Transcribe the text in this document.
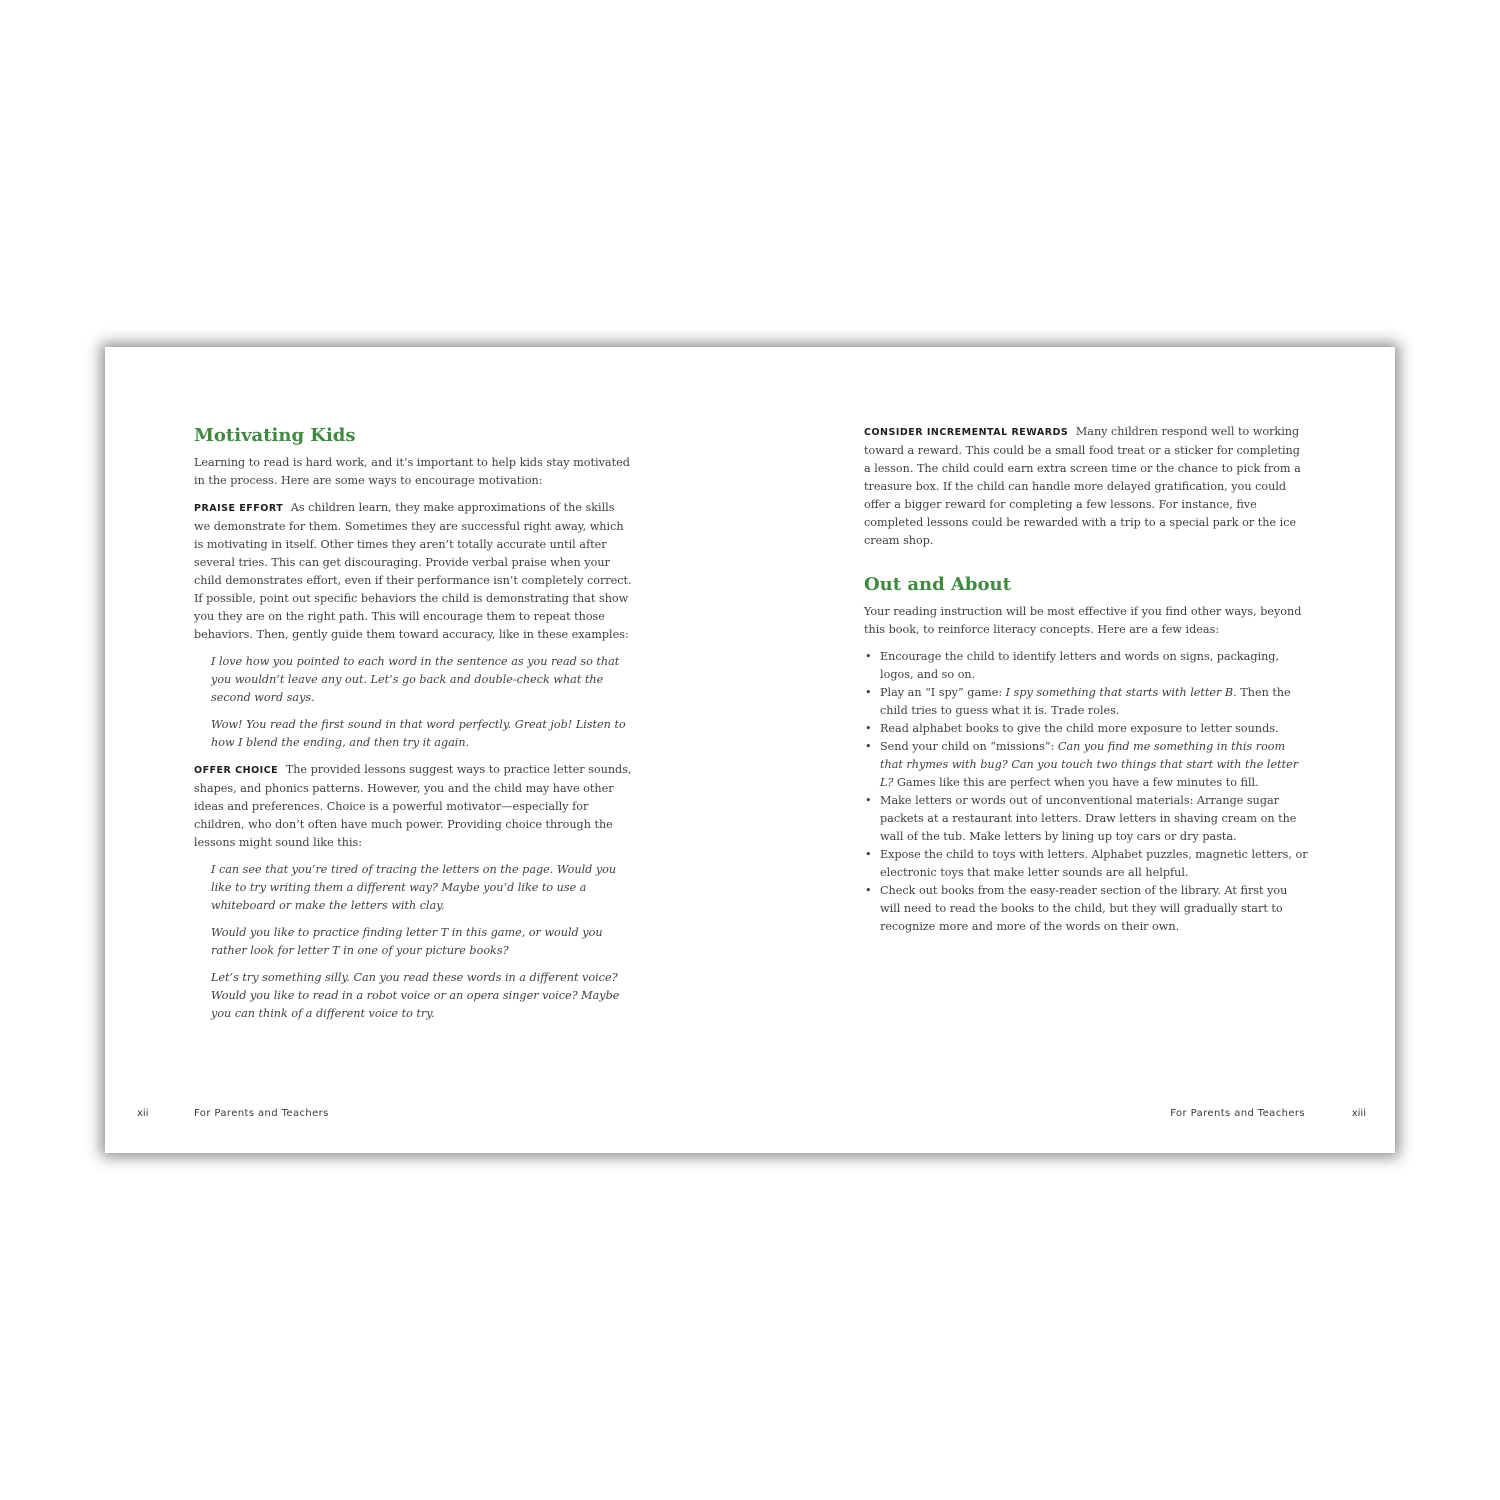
Motivating Kids

Learning to read is hard work, and it’s important to help kids stay motivated in the process. Here are some ways to encourage motivation:

PRAISE EFFORT As children learn, they make approximations of the skills we demonstrate for them. Sometimes they are successful right away, which is motivating in itself. Other times they aren’t totally accurate until after several tries. This can get discouraging. Provide verbal praise when your child demonstrates effort, even if their performance isn’t completely correct. If possible, point out specific behaviors the child is demonstrating that show you they are on the right path. This will encourage them to repeat those behaviors. Then, gently guide them toward accuracy, like in these examples:

I love how you pointed to each word in the sentence as you read so that you wouldn’t leave any out. Let’s go back and double-check what the second word says.

Wow! You read the first sound in that word perfectly. Great job! Listen to how I blend the ending, and then try it again.

OFFER CHOICE The provided lessons suggest ways to practice letter sounds, shapes, and phonics patterns. However, you and the child may have other ideas and preferences. Choice is a powerful motivator—especially for children, who don’t often have much power. Providing choice through the lessons might sound like this:

I can see that you’re tired of tracing the letters on the page. Would you like to try writing them a different way? Maybe you’d like to use a whiteboard or make the letters with clay.

Would you like to practice finding letter T in this game, or would you rather look for letter T in one of your picture books?

Let’s try something silly. Can you read these words in a different voice? Would you like to read in a robot voice or an opera singer voice? Maybe you can think of a different voice to try.

xii	For Parents and Teachers

CONSIDER INCREMENTAL REWARDS Many children respond well to working toward a reward. This could be a small food treat or a sticker for completing a lesson. The child could earn extra screen time or the chance to pick from a treasure box. If the child can handle more delayed gratification, you could offer a bigger reward for completing a few lessons. For instance, five completed lessons could be rewarded with a trip to a special park or the ice cream shop.

Out and About

Your reading instruction will be most effective if you find other ways, beyond this book, to reinforce literacy concepts. Here are a few ideas:

• Encourage the child to identify letters and words on signs, packaging, logos, and so on.
• Play an “I spy” game: I spy something that starts with letter B. Then the child tries to guess what it is. Trade roles.
• Read alphabet books to give the child more exposure to letter sounds.
• Send your child on “missions”: Can you find me something in this room that rhymes with bug? Can you touch two things that start with the letter L? Games like this are perfect when you have a few minutes to fill.
• Make letters or words out of unconventional materials: Arrange sugar packets at a restaurant into letters. Draw letters in shaving cream on the wall of the tub. Make letters by lining up toy cars or dry pasta.
• Expose the child to toys with letters. Alphabet puzzles, magnetic letters, or electronic toys that make letter sounds are all helpful.
• Check out books from the easy-reader section of the library. At first you will need to read the books to the child, but they will gradually start to recognize more and more of the words on their own.
For Parents and Teachers	xiii
